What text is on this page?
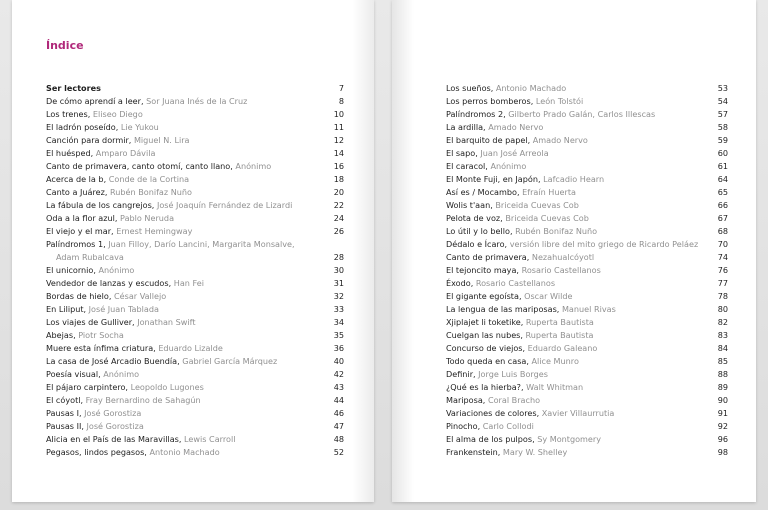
Índice
Ser lectores	7
De cómo aprendí a leer, Sor Juana Inés de la Cruz	8
Los trenes, Eliseo Diego	10
El ladrón poseído, Lie Yukou	11
Canción para dormir, Miguel N. Lira	12
El huésped, Amparo Dávila	14
Canto de primavera, canto otomí, canto llano, Anónimo	16
Acerca de la b, Conde de la Cortina	18
Canto a Juárez, Rubén Bonifaz Nuño	20
La fábula de los cangrejos, José Joaquín Fernández de Lizardi	22
Oda a la flor azul, Pablo Neruda	24
El viejo y el mar, Ernest Hemingway	26
Palíndromos 1, Juan Filloy, Darío Lancini, Margarita Monsalve,
Adam Rubalcava	28
El unicornio, Anónimo	30
Vendedor de lanzas y escudos, Han Fei	31
Bordas de hielo, César Vallejo	32
En Liliput, José Juan Tablada	33
Los viajes de Gulliver, Jonathan Swift	34
Abejas, Piotr Socha	35
Muere esta ínfima criatura, Eduardo Lizalde	36
La casa de José Arcadio Buendía, Gabriel García Márquez	40
Poesía visual, Anónimo	42
El pájaro carpintero, Leopoldo Lugones	43
El cóyotl, Fray Bernardino de Sahagún	44
Pausas I, José Gorostiza	46
Pausas II, José Gorostiza	47
Alicia en el País de las Maravillas, Lewis Carroll	48
Pegasos, lindos pegasos, Antonio Machado	52
Los sueños, Antonio Machado	53
Los perros bomberos, León Tolstói	54
Palíndromos 2, Gilberto Prado Galán, Carlos Illescas	57
La ardilla, Amado Nervo	58
El barquito de papel, Amado Nervo	59
El sapo, Juan José Arreola	60
El caracol, Anónimo	61
El Monte Fuji, en Japón, Lafcadio Hearn	64
Así es / Mocambo, Efraín Huerta	65
Wolis t'aan, Briceida Cuevas Cob	66
Pelota de voz, Briceida Cuevas Cob	67
Lo útil y lo bello, Rubén Bonifaz Nuño	68
Dédalo e Ícaro, versión libre del mito griego de Ricardo Peláez 70
Canto de primavera, Nezahualcóyotl	74
El tejoncito maya, Rosario Castellanos	76
Éxodo, Rosario Castellanos	77
El gigante egoísta, Oscar Wilde	78
La lengua de las mariposas, Manuel Rivas	80
Xjiplajet li toketike, Ruperta Bautista	82
Cuelgan las nubes, Ruperta Bautista	83
Concurso de viejos, Eduardo Galeano	84
Todo queda en casa, Alice Munro	85
Definir, Jorge Luis Borges	88
¿Qué es la hierba?, Walt Whitman	89
Mariposa, Coral Bracho	90
Variaciones de colores, Xavier Villaurrutia	91
Pinocho, Carlo Collodi	92
El alma de los pulpos, Sy Montgomery	96
Frankenstein, Mary W. Shelley	98
